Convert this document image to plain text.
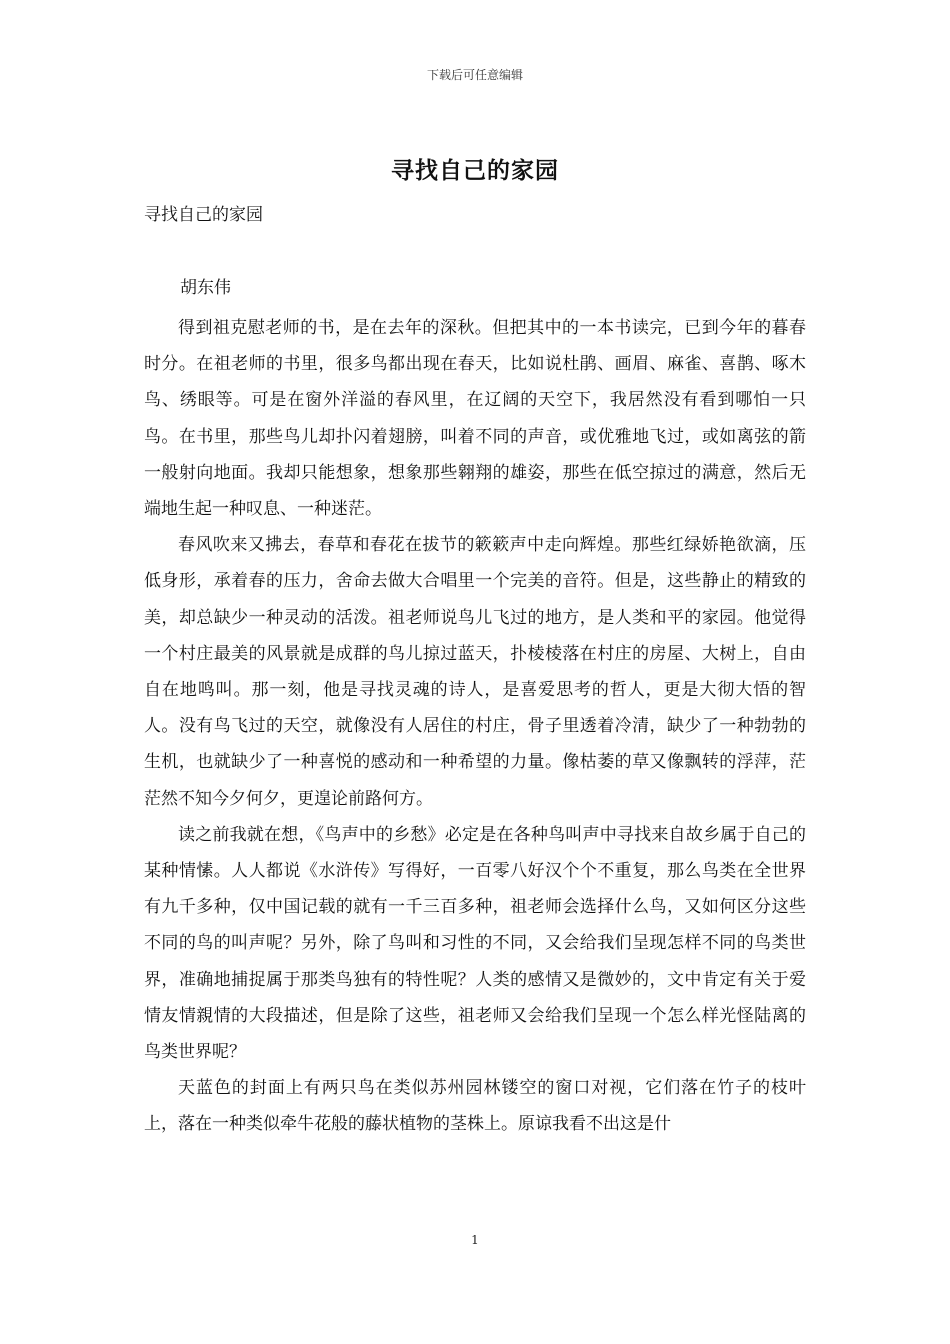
下载后可任意编辑
寻找自己的家园
寻找自己的家园
胡东伟

得到祖克慰老师的书，是在去年的深秋。但把其中的一本书读完，已到今年的暮春时分。在祖老师的书里，很多鸟都出现在春天，比如说杜鹃、画眉、麻雀、喜鹊、啄木鸟、绣眼等。可是在窗外洋溢的春风里，在辽阔的天空下，我居然没有看到哪怕一只鸟。在书里，那些鸟儿却扑闪着翅膀，叫着不同的声音，或优雅地飞过，或如离弦的箭一般射向地面。我却只能想象，想象那些翱翔的雄姿，那些在低空掠过的满意，然后无端地生起一种叹息、一种迷茫。

春风吹来又拂去，春草和春花在拔节的簌簌声中走向辉煌。那些红绿娇艳欲滴，压低身形，承着春的压力，舍命去做大合唱里一个完美的音符。但是，这些静止的精致的美，却总缺少一种灵动的活泼。祖老师说鸟儿飞过的地方，是人类和平的家园。他觉得一个村庄最美的风景就是成群的鸟儿掠过蓝天，扑棱棱落在村庄的房屋、大树上，自由自在地鸣叫。那一刻，他是寻找灵魂的诗人，是喜爱思考的哲人，更是大彻大悟的智人。没有鸟飞过的天空，就像没有人居住的村庄，骨子里透着冷清，缺少了一种勃勃的生机，也就缺少了一种喜悦的感动和一种希望的力量。像枯萎的草又像飘转的浮萍，茫茫然不知今夕何夕，更遑论前路何方。

读之前我就在想，《鸟声中的乡愁》必定是在各种鸟叫声中寻找来自故乡属于自己的某种情愫。人人都说《水浒传》写得好，一百零八好汉个个不重复，那么鸟类在全世界有九千多种，仅中国记载的就有一千三百多种，祖老师会选择什么鸟，又如何区分这些不同的鸟的叫声呢？另外，除了鸟叫和习性的不同，又会给我们呈现怎样不同的鸟类世界，准确地捕捉属于那类鸟独有的特性呢？人类的感情又是微妙的，文中肯定有关于爱情友情親情的大段描述，但是除了这些，祖老师又会给我们呈现一个怎么样光怪陆离的鸟类世界呢？

天蓝色的封面上有两只鸟在类似苏州园林镂空的窗口对视，它们落在竹子的枝叶上，落在一种类似牵牛花般的藤状植物的茎株上。原谅我看不出这是什

1
